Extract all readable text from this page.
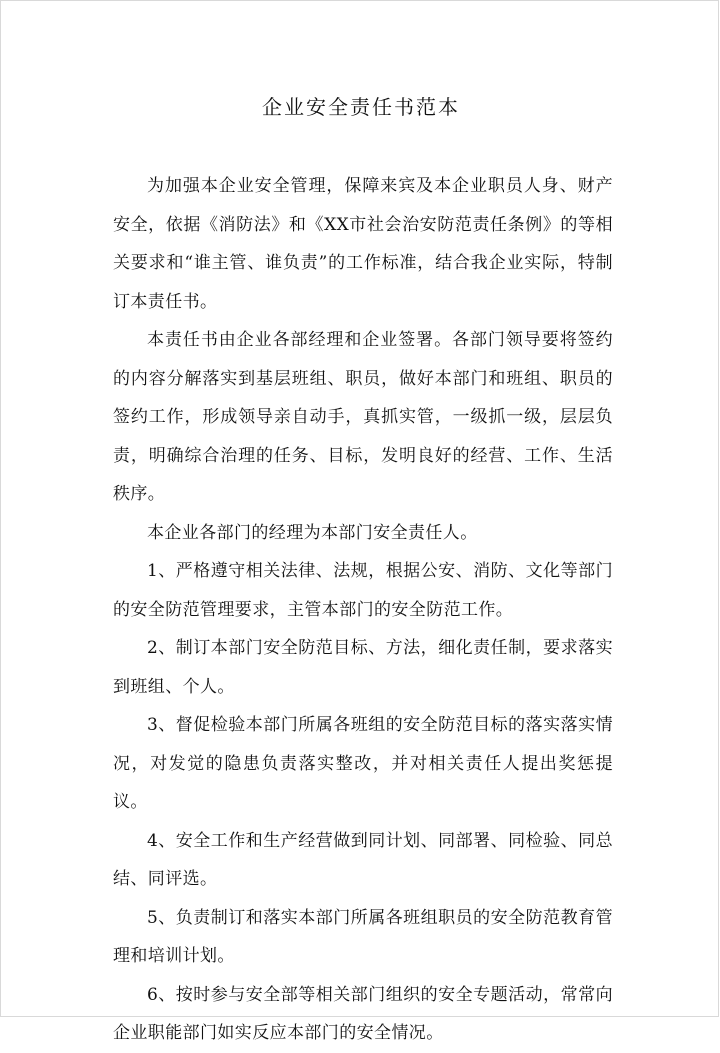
企业安全责任书范本

为加强本企业安全管理，保障来宾及本企业职员人身、财产安全，依据《消防法》和《XX市社会治安防范责任条例》的等相关要求和“谁主管、谁负责”的工作标准，结合我企业实际，特制订本责任书。

本责任书由企业各部经理和企业签署。各部门领导要将签约的内容分解落实到基层班组、职员，做好本部门和班组、职员的签约工作，形成领导亲自动手，真抓实管，一级抓一级，层层负责，明确综合治理的任务、目标，发明良好的经营、工作、生活秩序。

本企业各部门的经理为本部门安全责任人。

1、严格遵守相关法律、法规，根据公安、消防、文化等部门的安全防范管理要求，主管本部门的安全防范工作。

2、制订本部门安全防范目标、方法，细化责任制，要求落实到班组、个人。

3、督促检验本部门所属各班组的安全防范目标的落实落实情况，对发觉的隐患负责落实整改，并对相关责任人提出奖惩提议。

4、安全工作和生产经营做到同计划、同部署、同检验、同总结、同评选。

5、负责制订和落实本部门所属各班组职员的安全防范教育管理和培训计划。

6、按时参与安全部等相关部门组织的安全专题活动，常常向企业职能部门如实反应本部门的安全情况。
